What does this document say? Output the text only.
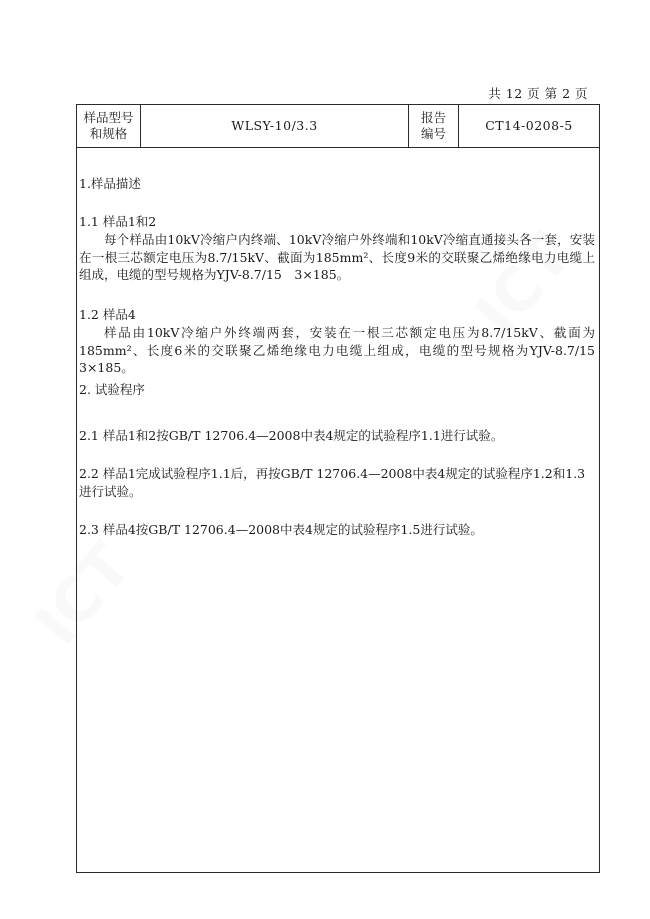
ICT
ICT
共 12 页 第 2 页
样品型号
和规格
WLSY-10/3.3
报告
编号
CT14-0208-5
1.样品描述
1.1 样品1和2

每个样品由10kV冷缩户内终端、10kV冷缩户外终端和10kV冷缩直通接头各一套，安装在一根三芯额定电压为8.7/15kV、截面为185mm²、长度9米的交联聚乙烯绝缘电力电缆上组成，电缆的型号规格为YJV-8.7/15　3×185。

1.2 样品4

样品由10kV冷缩户外终端两套，安装在一根三芯额定电压为8.7/15kV、截面为185mm²、长度6米的交联聚乙烯绝缘电力电缆上组成，电缆的型号规格为YJV-8.7/15 3×185。

2. 试验程序
2.1 样品1和2按GB/T 12706.4—2008中表4规定的试验程序1.1进行试验。
2.2 样品1完成试验程序1.1后，再按GB/T 12706.4—2008中表4规定的试验程序1.2和1.3进行试验。
2.3 样品4按GB/T 12706.4—2008中表4规定的试验程序1.5进行试验。
